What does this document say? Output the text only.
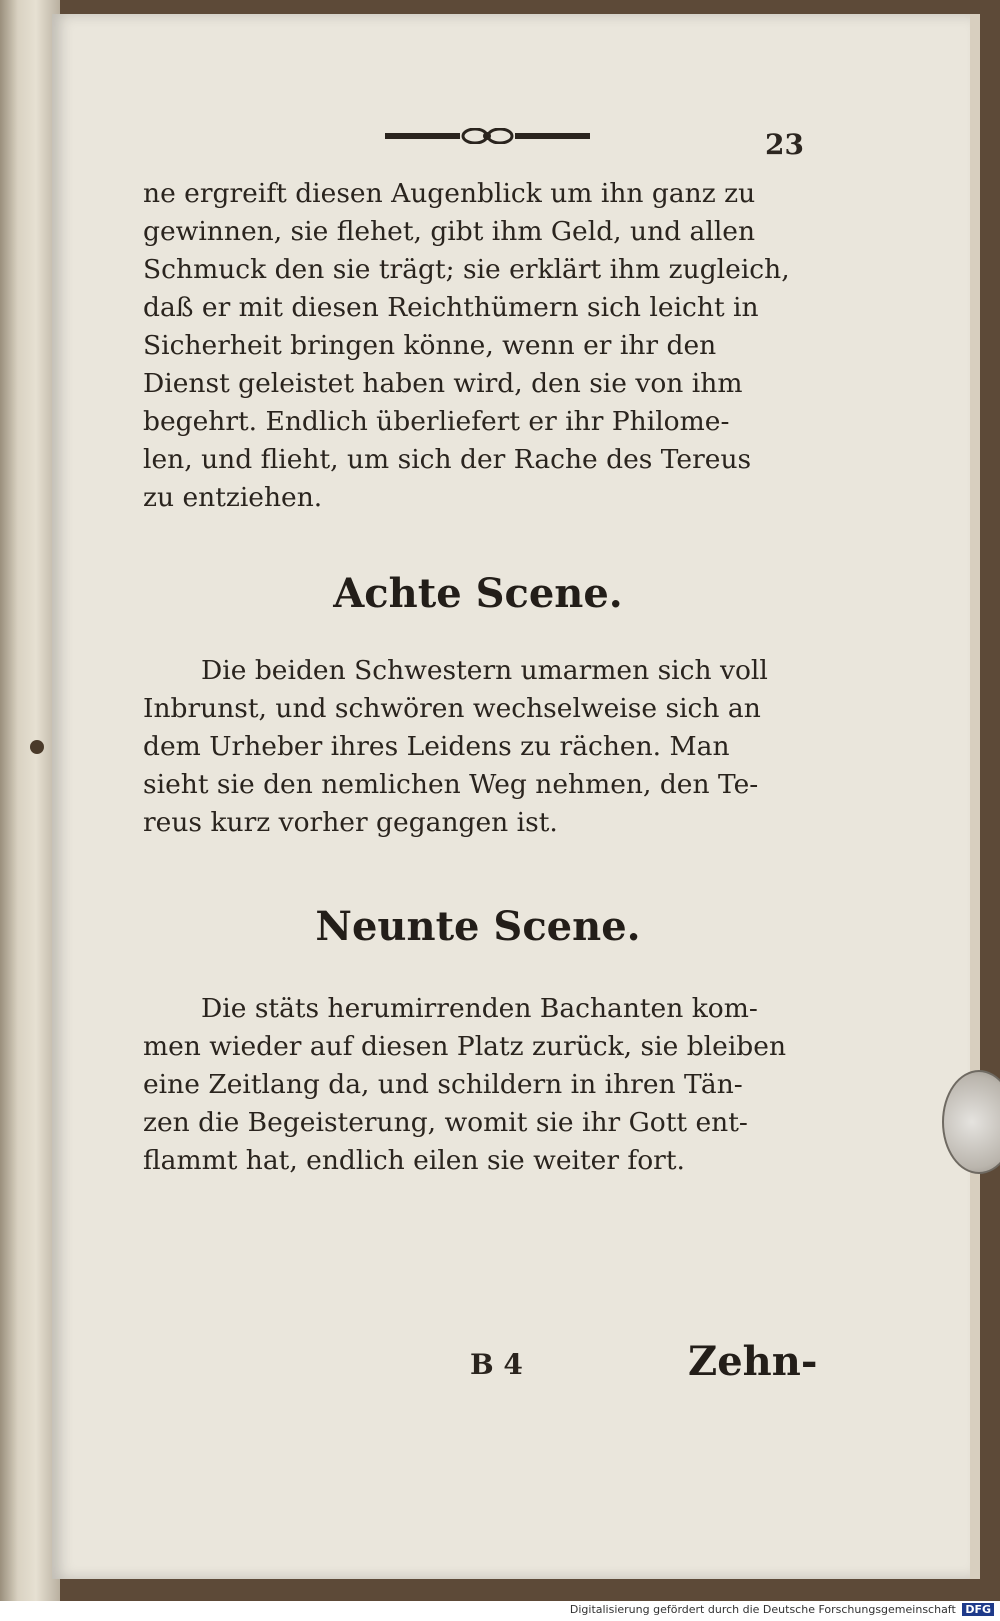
23
ne ergreift diesen Augenblick um ihn ganz zu
gewinnen, sie flehet, gibt ihm Geld, und allen
Schmuck den sie trägt; sie erklärt ihm zugleich,
daß er mit diesen Reichthümern sich leicht in
Sicherheit bringen könne, wenn er ihr den
Dienst geleistet haben wird, den sie von ihm
begehrt. Endlich überliefert er ihr Philome-
len, und flieht, um sich der Rache des Tereus
zu entziehen.
Achte Scene.
Die beiden Schwestern umarmen sich voll
Inbrunst, und schwören wechselweise sich an
dem Urheber ihres Leidens zu rächen. Man
sieht sie den nemlichen Weg nehmen, den Te-
reus kurz vorher gegangen ist.
Neunte Scene.
Die stäts herumirrenden Bachanten kom-
men wieder auf diesen Platz zurück, sie bleiben
eine Zeitlang da, und schildern in ihren Tän-
zen die Begeisterung, womit sie ihr Gott ent-
flammt hat, endlich eilen sie weiter fort.
B 4	Zehn-
Digitalisierung gefördert durch die Deutsche Forschungsgemeinschaft DFG
